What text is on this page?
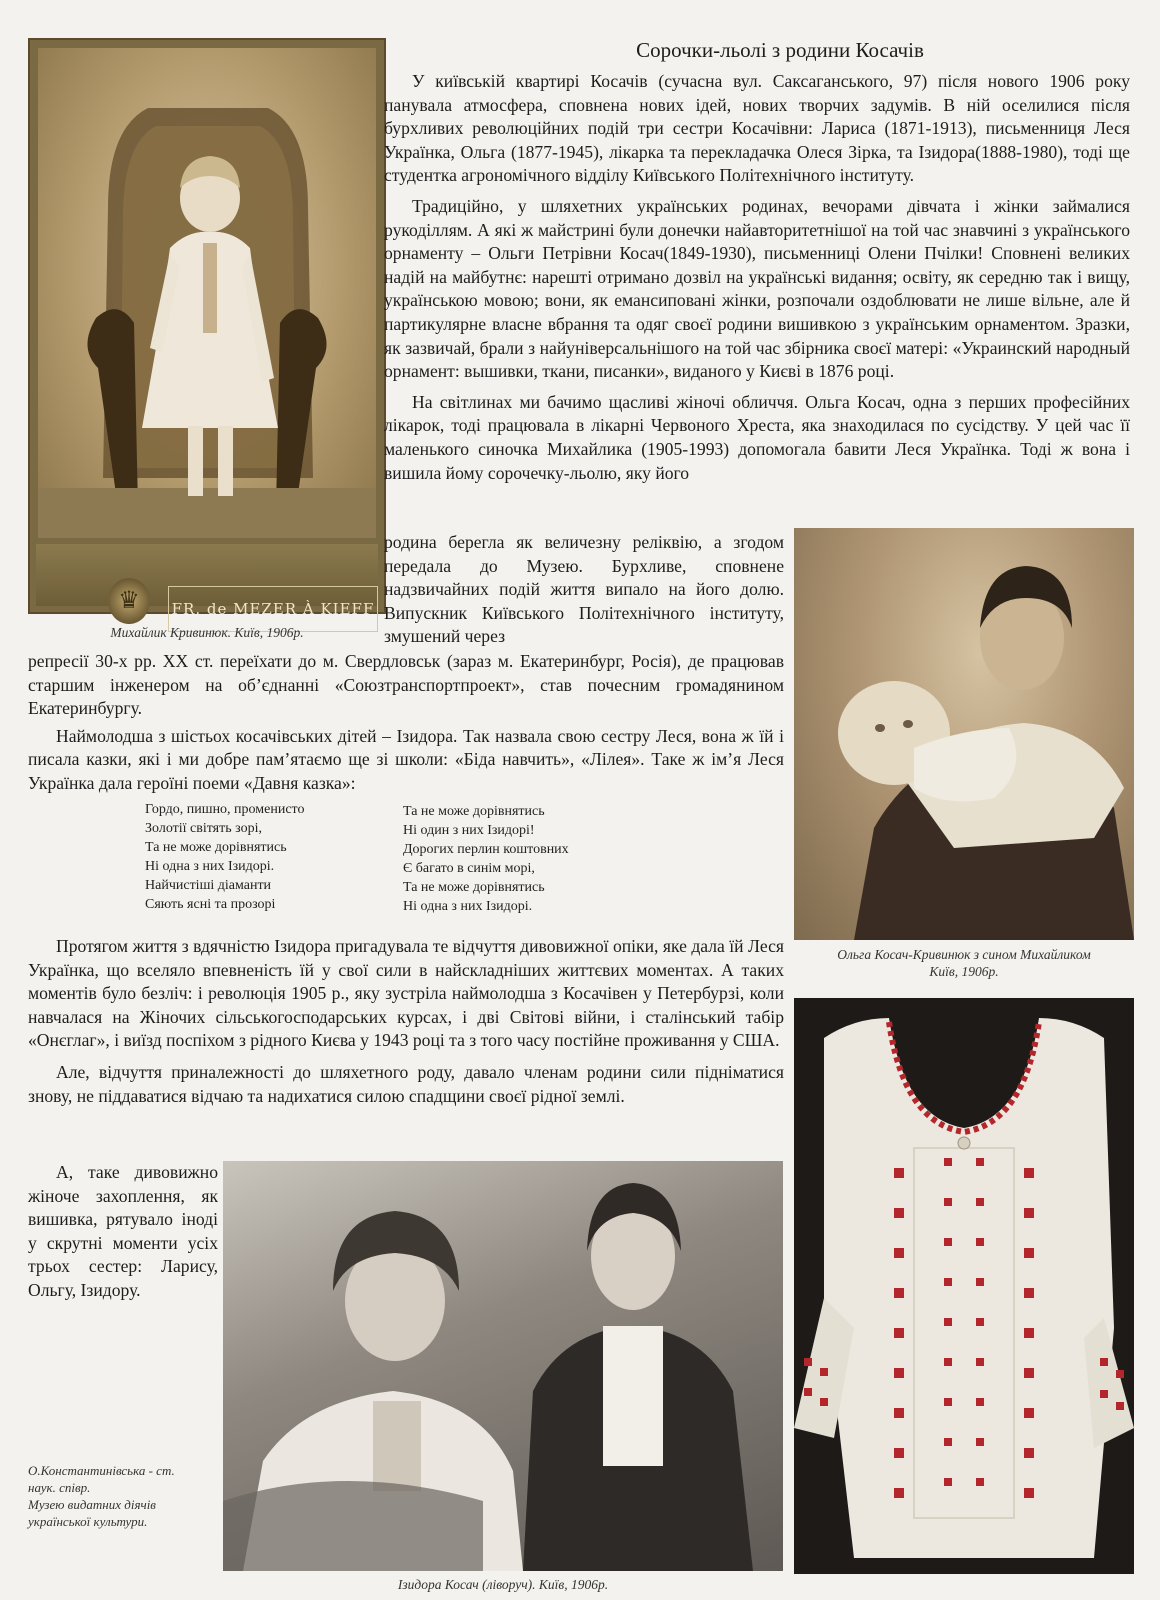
Сорочки-льолі з родини Косачів
♛	FR. de MEZER À KIEFF
Михайлик Кривинюк. Київ, 1906р.

У київській квартирі Косачів (сучасна вул. Саксаганського, 97) після нового 1906 року панувала атмосфера, сповнена нових ідей, нових творчих задумів. В ній оселилися після бурхливих революційних подій три сестри Косачівни: Лариса (1871-1913), письменниця Леся Українка, Ольга (1877-1945), лікарка та перекладачка Олеся Зірка, та Ізидора(1888-1980), тоді ще студентка агрономічного відділу Київського Політехнічного інституту.

Традиційно, у шляхетних українських родинах, вечорами дівчата і жінки займалися рукоділлям. А які ж майстрині були донечки найавторитетнішої на той час знавчині з українського орнаменту – Ольги Петрівни Косач(1849-1930), письменниці Олени Пчілки! Сповнені великих надій на майбутнє: нарешті отримано дозвіл на українські видання; освіту, як середню так і вищу, українською мовою; вони, як емансиповані жінки, розпочали оздоблювати не лише вільне, але й партикулярне власне вбрання та одяг своєї родини вишивкою з українським орнаментом. Зразки, як зазвичай, брали з найуніверсальнішого на той час збірника своєї матері: «Украинский народный орнамент: вышивки, ткани, писанки», виданого у Києві в 1876 році.

На світлинах ми бачимо щасливі жіночі обличчя. Ольга Косач, одна з перших професійних лікарок, тоді працювала в лікарні Червоного Хреста, яка знаходилася по сусідству. У цей час її маленького синочка Михайлика (1905-1993) допомогала бавити Леся Українка. Тоді ж вона і вишила йому сорочечку-льолю, яку його

родина берегла як величезну реліквію, а згодом передала до Музею. Бурхливе, сповнене надзвичайних подій життя випало на його долю. Випускник Київського Політехнічного інституту, змушений через

Ольга Косач-Кривинюк з сином Михайликом
Київ, 1906р.

репресії 30-х рр. ХХ ст. переїхати до м. Свердловськ (зараз м. Екатеринбург, Росія), де працював старшим інженером на об’єднанні «Союзтранспортпроект», став почесним громадянином Екатеринбургу.

Наймолодша з шістьох косачівських дітей – Ізидора. Так назвала свою сестру Леся, вона ж їй і писала казки, які і ми добре пам’ятаємо ще зі школи: «Біда навчить», «Лілея». Таке ж ім’я Леся Українка дала героїні поеми «Давня казка»:

Гордо, пишно, променисто
Золотії світять зорі,
Та не може дорівнятись
Ні одна з них Ізидорі.
Найчистіші діаманти
Сяють ясні та прозорі
Та не може дорівнятись
Ні один з них Ізидорі!
Дорогих перлин коштовних
Є багато в синім морі,
Та не може дорівнятись
Ні одна з них Ізидорі.

Протягом життя з вдячністю Ізидора пригадувала те відчуття дивовижної опіки, яке дала їй Леся Українка, що вселяло впевненість їй у свої сили в найскладніших життєвих моментах. А таких моментів було безліч: і революція 1905 р., яку зустріла наймолодша з Косачівен у Петербурзі, коли навчалася на Жіночих сільськогосподарських курсах, і дві Світові війни, і сталінський табір «Онєглаг», і виїзд поспіхом з рідного Києва у 1943 році та з того часу постійне проживання у США.

Але, відчуття приналежності до шляхетного роду, давало членам родини сили підніматися знову, не піддаватися відчаю та надихатися силою спадщини своєї рідної землі.

А, таке дивовижно жіноче захоплення, як вишивка, рятувало іноді у скрутні моменти усіх трьох сестер: Ларису, Ольгу, Ізидору.

Ізидора Косач (ліворуч). Київ, 1906р.
О.Константинівська - ст.
наук. співр.
Музею видатних діячів
української культури.
